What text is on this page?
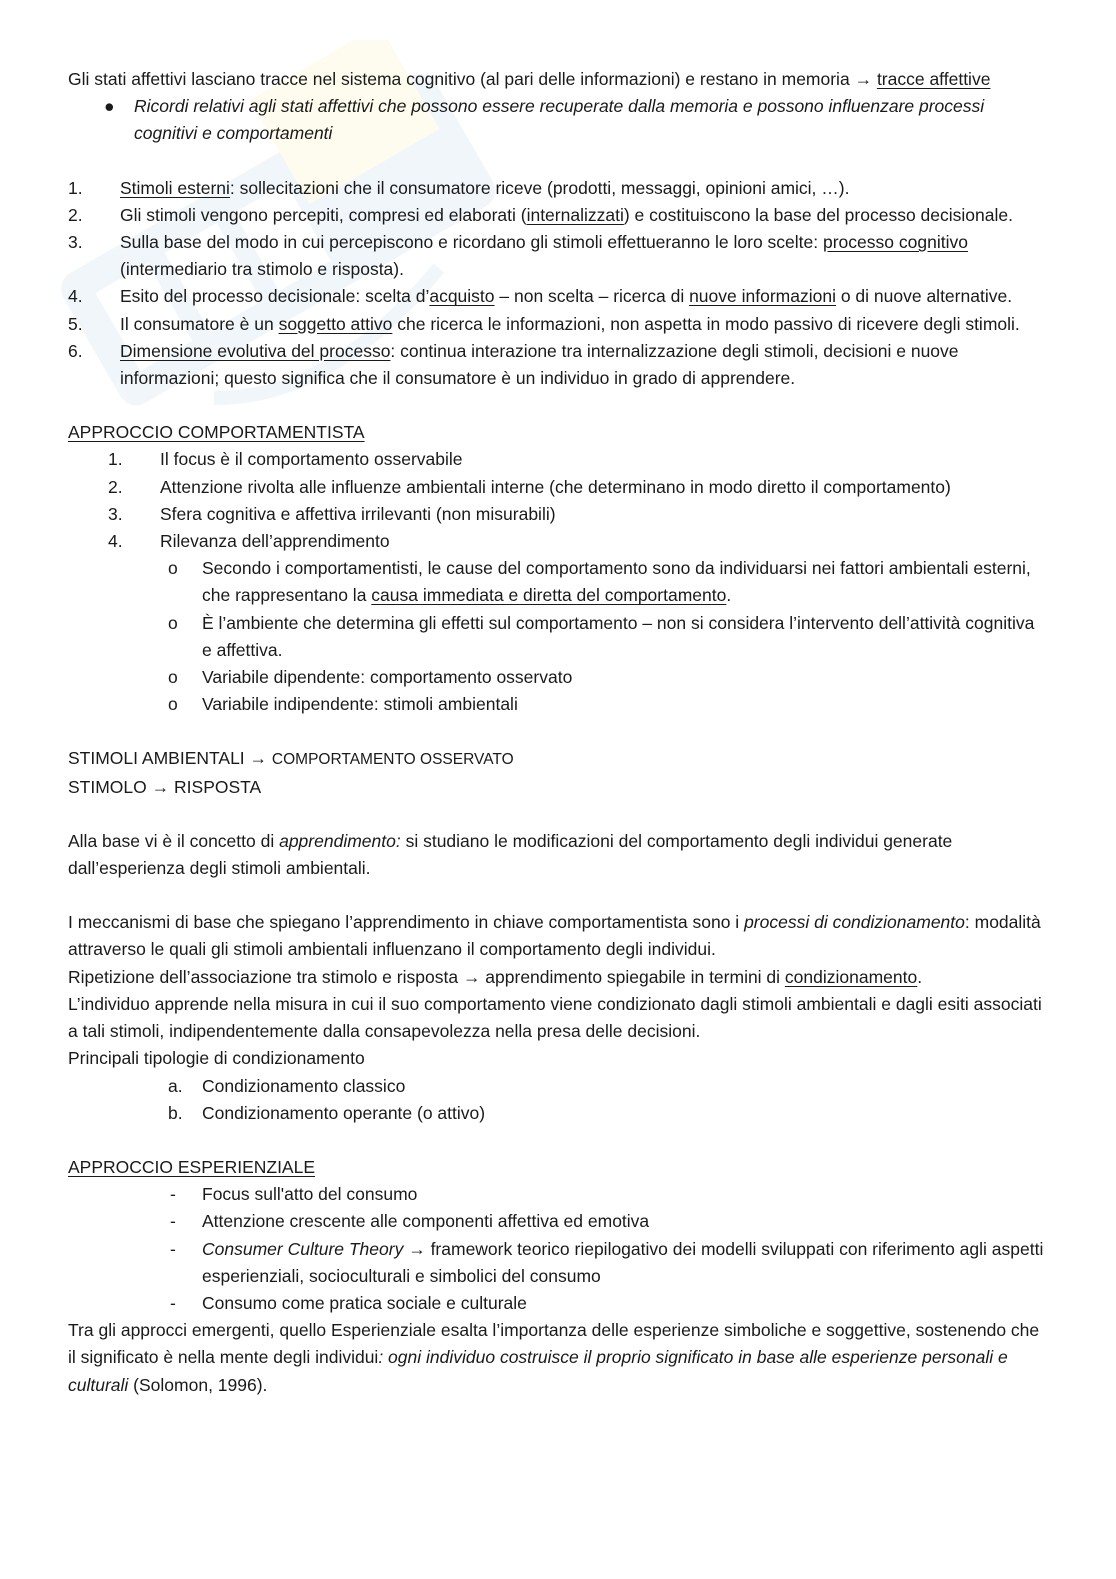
Gli stati affettivi lasciano tracce nel sistema cognitivo (al pari delle informazioni) e restano in memoria → tracce affettive

●	Ricordi relativi agli stati affettivi che possono essere recuperate dalla memoria e possono influenzare processi cognitivi e comportamenti

1.	Stimoli esterni: sollecitazioni che il consumatore riceve (prodotti, messaggi, opinioni amici, …).

2.	Gli stimoli vengono percepiti, compresi ed elaborati (internalizzati) e costituiscono la base del processo decisionale.

3.	Sulla base del modo in cui percepiscono e ricordano gli stimoli effettueranno le loro scelte: processo cognitivo (intermediario tra stimolo e risposta).

4.	Esito del processo decisionale: scelta d’acquisto – non scelta – ricerca di nuove informazioni o di nuove alternative.

5.	Il consumatore è un soggetto attivo che ricerca le informazioni, non aspetta in modo passivo di ricevere degli stimoli.

6.	Dimensione evolutiva del processo: continua interazione tra internalizzazione degli stimoli, decisioni e nuove informazioni; questo significa che il consumatore è un individuo in grado di apprendere.

APPROCCIO COMPORTAMENTISTA

1.	Il focus è il comportamento osservabile

2.	Attenzione rivolta alle influenze ambientali interne (che determinano in modo diretto il comportamento)

3.	Sfera cognitiva e affettiva irrilevanti (non misurabili)

4.	Rilevanza dell’apprendimento

o	Secondo i comportamentisti, le cause del comportamento sono da individuarsi nei fattori ambientali esterni, che rappresentano la causa immediata e diretta del comportamento.

o	È l’ambiente che determina gli effetti sul comportamento – non si considera l’intervento dell’attività cognitiva e affettiva.

o	Variabile dipendente: comportamento osservato

o	Variabile indipendente: stimoli ambientali

STIMOLI AMBIENTALI → COMPORTAMENTO OSSERVATO

STIMOLO → RISPOSTA

Alla base vi è il concetto di apprendimento: si studiano le modificazioni del comportamento degli individui generate dall’esperienza degli stimoli ambientali.

I meccanismi di base che spiegano l’apprendimento in chiave comportamentista sono i processi di condizionamento: modalità attraverso le quali gli stimoli ambientali influenzano il comportamento degli individui.

Ripetizione dell’associazione tra stimolo e risposta → apprendimento spiegabile in termini di condizionamento.

L’individuo apprende nella misura in cui il suo comportamento viene condizionato dagli stimoli ambientali e dagli esiti associati a tali stimoli, indipendentemente dalla consapevolezza nella presa delle decisioni.

Principali tipologie di condizionamento

a.	Condizionamento classico

b.	Condizionamento operante (o attivo)

APPROCCIO ESPERIENZIALE

-	Focus sull'atto del consumo

-	Attenzione crescente alle componenti affettiva ed emotiva

-	Consumer Culture Theory → framework teorico riepilogativo dei modelli sviluppati con riferimento agli aspetti esperienziali, socioculturali e simbolici del consumo

-	Consumo come pratica sociale e culturale

Tra gli approcci emergenti, quello Esperienziale esalta l’importanza delle esperienze simboliche e soggettive, sostenendo che il significato è nella mente degli individui: ogni individuo costruisce il proprio significato in base alle esperienze personali e culturali (Solomon, 1996).
